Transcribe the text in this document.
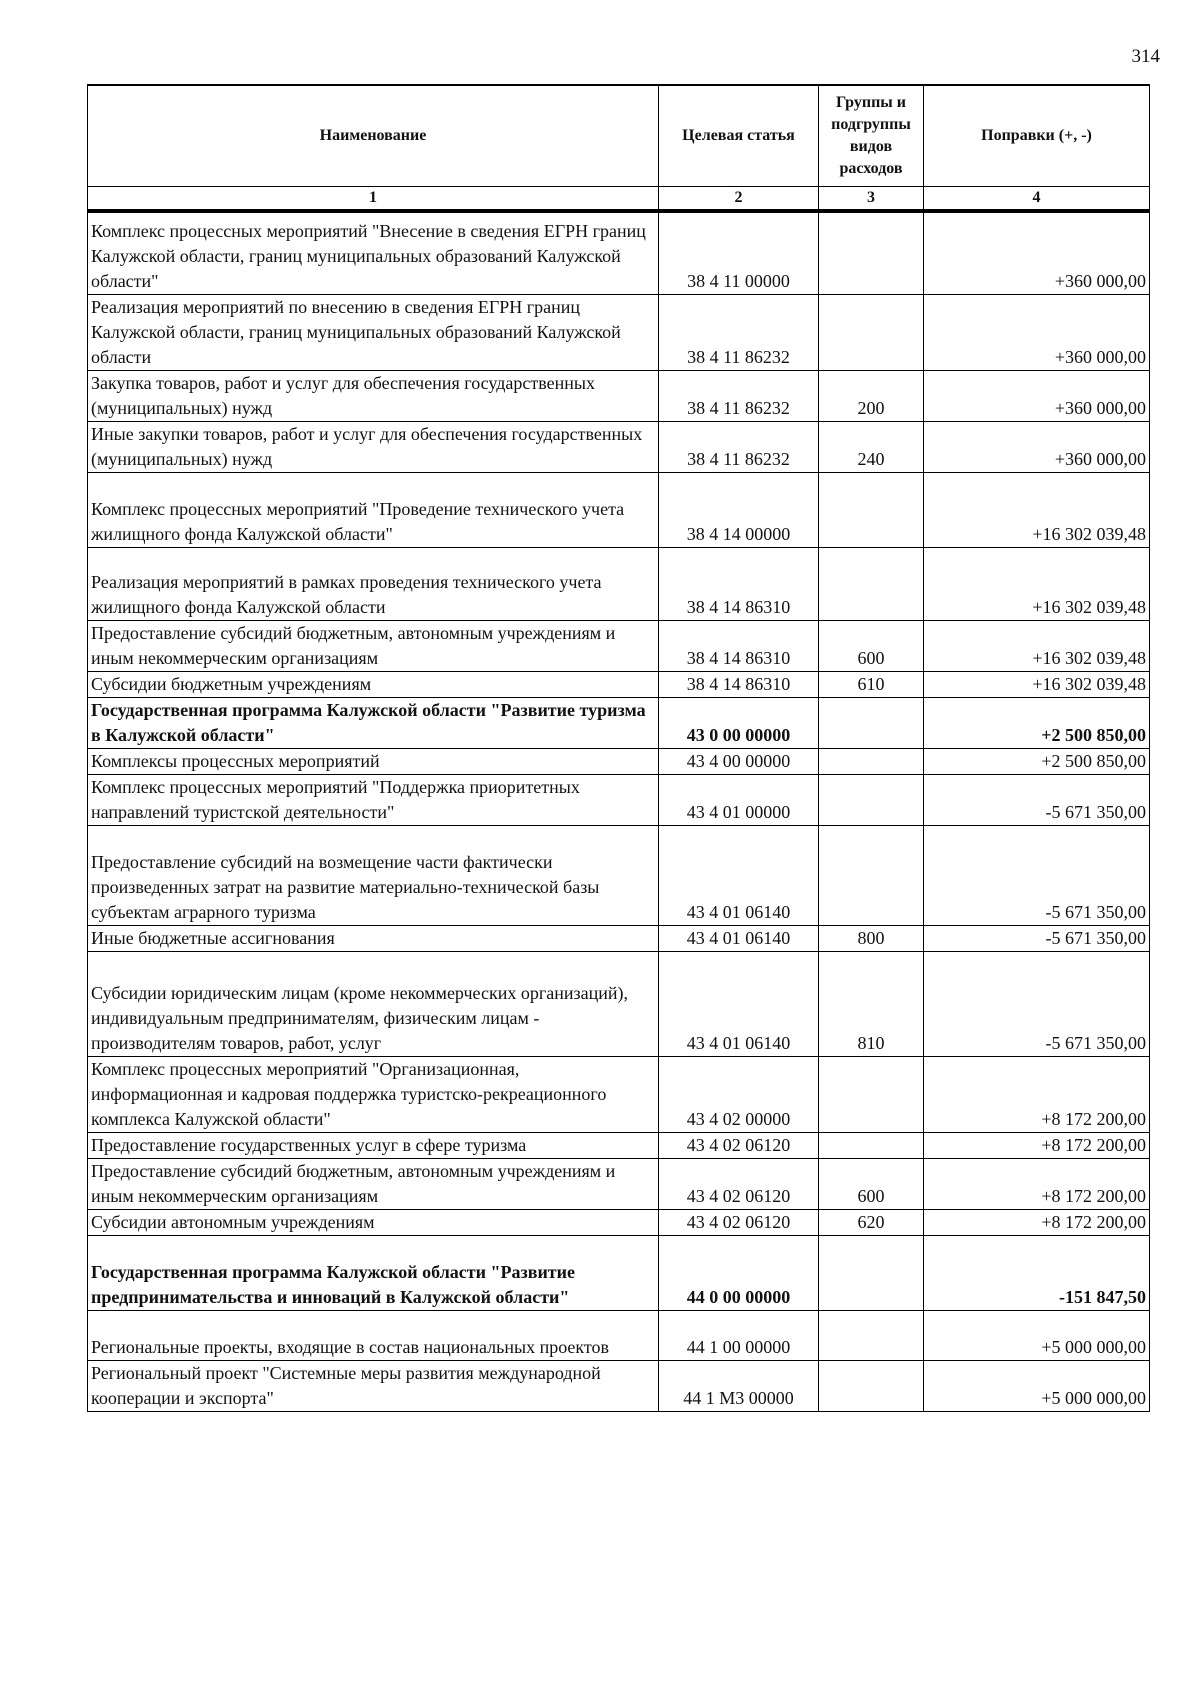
314
Наименование	Целевая статья	Группы и подгруппы видов расходов	Поправки (+, -)
1	2	3	4
Комплекс процессных мероприятий "Внесение в сведения ЕГРН границ Калужской области, границ муниципальных образований Калужской области"	38 4 11 00000		+360 000,00
Реализация мероприятий по внесению в сведения ЕГРН границ Калужской области, границ муниципальных образований Калужской области	38 4 11 86232		+360 000,00
Закупка товаров, работ и услуг для обеспечения государственных (муниципальных) нужд	38 4 11 86232	200	+360 000,00
Иные закупки товаров, работ и услуг для обеспечения государственных (муниципальных) нужд	38 4 11 86232	240	+360 000,00
Комплекс процессных мероприятий "Проведение технического учета жилищного фонда Калужской области"	38 4 14 00000		+16 302 039,48
Реализация мероприятий в рамках проведения технического учета жилищного фонда Калужской области	38 4 14 86310		+16 302 039,48
Предоставление субсидий бюджетным, автономным учреждениям и иным некоммерческим организациям	38 4 14 86310	600	+16 302 039,48
Субсидии бюджетным учреждениям	38 4 14 86310	610	+16 302 039,48
Государственная программа Калужской области "Развитие туризма в Калужской области"	43 0 00 00000		+2 500 850,00
Комплексы процессных мероприятий	43 4 00 00000		+2 500 850,00
Комплекс процессных мероприятий "Поддержка приоритетных направлений туристской деятельности"	43 4 01 00000		-5 671 350,00
Предоставление субсидий на возмещение части фактически произведенных затрат на развитие материально-технической базы субъектам аграрного туризма	43 4 01 06140		-5 671 350,00
Иные бюджетные ассигнования	43 4 01 06140	800	-5 671 350,00
Субсидии юридическим лицам (кроме некоммерческих организаций), индивидуальным предпринимателям, физическим лицам - производителям товаров, работ, услуг	43 4 01 06140	810	-5 671 350,00
Комплекс процессных мероприятий "Организационная, информационная и кадровая поддержка туристско-рекреационного комплекса Калужской области"	43 4 02 00000		+8 172 200,00
Предоставление государственных услуг в сфере туризма	43 4 02 06120		+8 172 200,00
Предоставление субсидий бюджетным, автономным учреждениям и иным некоммерческим организациям	43 4 02 06120	600	+8 172 200,00
Субсидии автономным учреждениям	43 4 02 06120	620	+8 172 200,00
Государственная программа Калужской области "Развитие предпринимательства и инноваций в Калужской области"	44 0 00 00000		-151 847,50
Региональные проекты, входящие в состав национальных проектов	44 1 00 00000		+5 000 000,00
Региональный проект "Системные меры развития международной кооперации и экспорта"	44 1 М3 00000		+5 000 000,00
